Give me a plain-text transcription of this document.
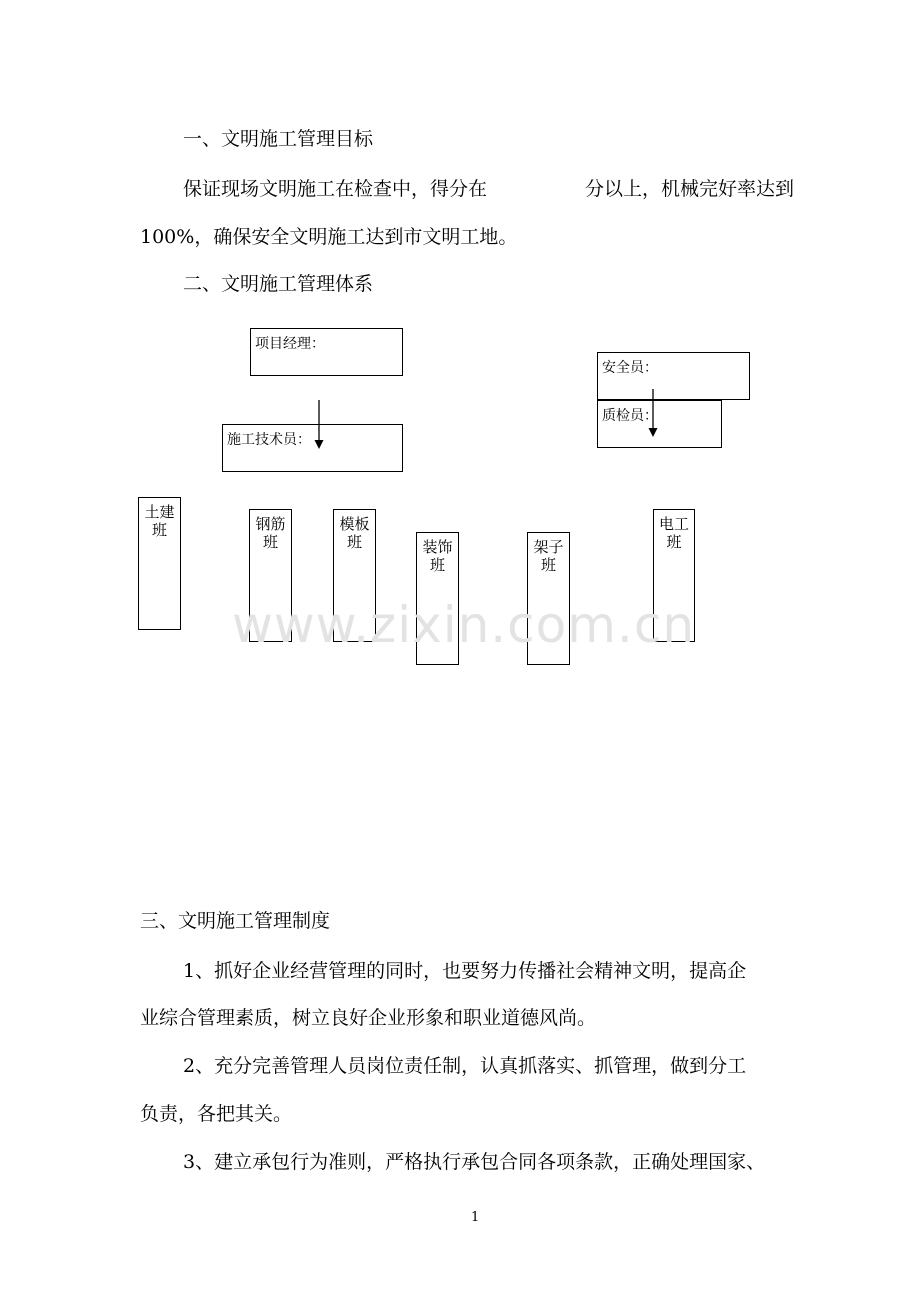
一、文明施工管理目标
保证现场文明施工在检查中，得分在	分以上，机械完好率达到
100%，确保安全文明施工达到市文明工地。
二、文明施工管理体系
项目经理：
施工技术员：
安全员：
质检员：
土建班	钢筋班
模板班	装饰班
架子班
电工班
www.zixin.com.cn
三、文明施工管理制度
1、抓好企业经营管理的同时，也要努力传播社会精神文明，提高企
业综合管理素质，树立良好企业形象和职业道德风尚。
2、充分完善管理人员岗位责任制，认真抓落实、抓管理，做到分工
负责，各把其关。
3、建立承包行为准则，严格执行承包合同各项条款，正确处理国家、
1
